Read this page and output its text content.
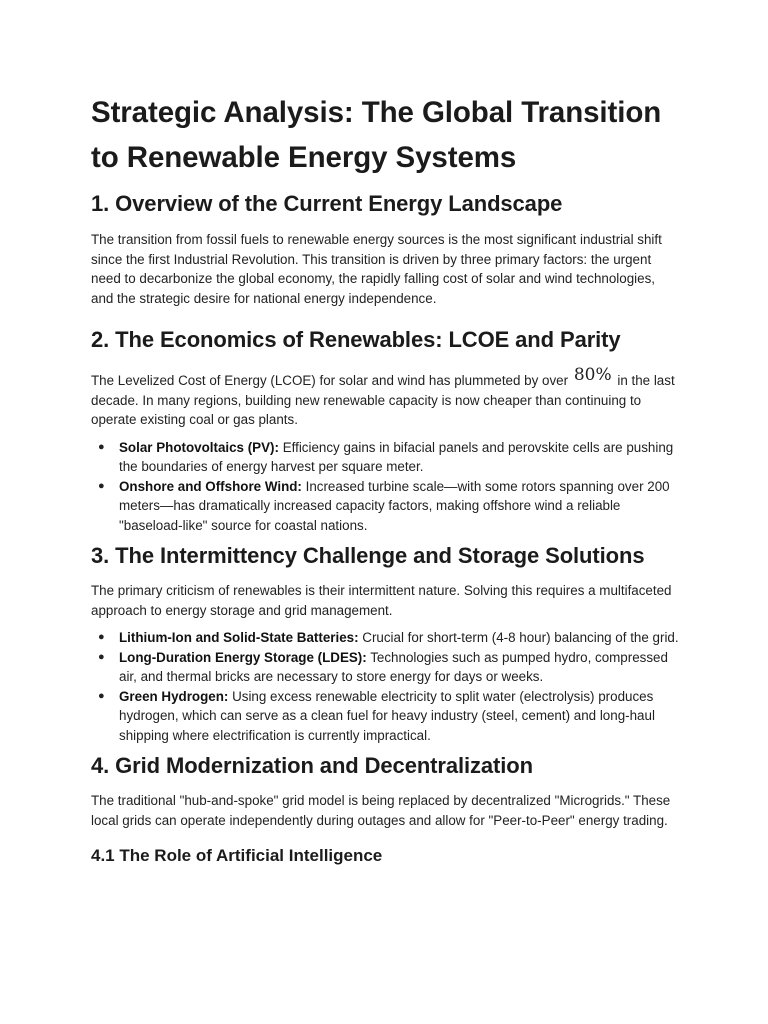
Strategic Analysis: The Global Transition to Renewable Energy Systems
1. Overview of the Current Energy Landscape

The transition from fossil fuels to renewable energy sources is the most significant industrial shift since the first Industrial Revolution. This transition is driven by three primary factors: the urgent need to decarbonize the global economy, the rapidly falling cost of solar and wind technologies, and the strategic desire for national energy independence.

2. The Economics of Renewables: LCOE and Parity

The Levelized Cost of Energy (LCOE) for solar and wind has plummeted by over 80% in the last decade. In many regions, building new renewable capacity is now cheaper than continuing to operate existing coal or gas plants.

● Solar Photovoltaics (PV): Efficiency gains in bifacial panels and perovskite cells are pushing the boundaries of energy harvest per square meter.
● Onshore and Offshore Wind: Increased turbine scale—with some rotors spanning over 200 meters—has dramatically increased capacity factors, making offshore wind a reliable "baseload-like" source for coastal nations.
3. The Intermittency Challenge and Storage Solutions

The primary criticism of renewables is their intermittent nature. Solving this requires a multifaceted approach to energy storage and grid management.

● Lithium-Ion and Solid-State Batteries: Crucial for short-term (4-8 hour) balancing of the grid.
● Long-Duration Energy Storage (LDES): Technologies such as pumped hydro, compressed air, and thermal bricks are necessary to store energy for days or weeks.
● Green Hydrogen: Using excess renewable electricity to split water (electrolysis) produces hydrogen, which can serve as a clean fuel for heavy industry (steel, cement) and long-haul shipping where electrification is currently impractical.
4. Grid Modernization and Decentralization

The traditional "hub-and-spoke" grid model is being replaced by decentralized "Microgrids." These local grids can operate independently during outages and allow for "Peer-to-Peer" energy trading.

4.1 The Role of Artificial Intelligence
